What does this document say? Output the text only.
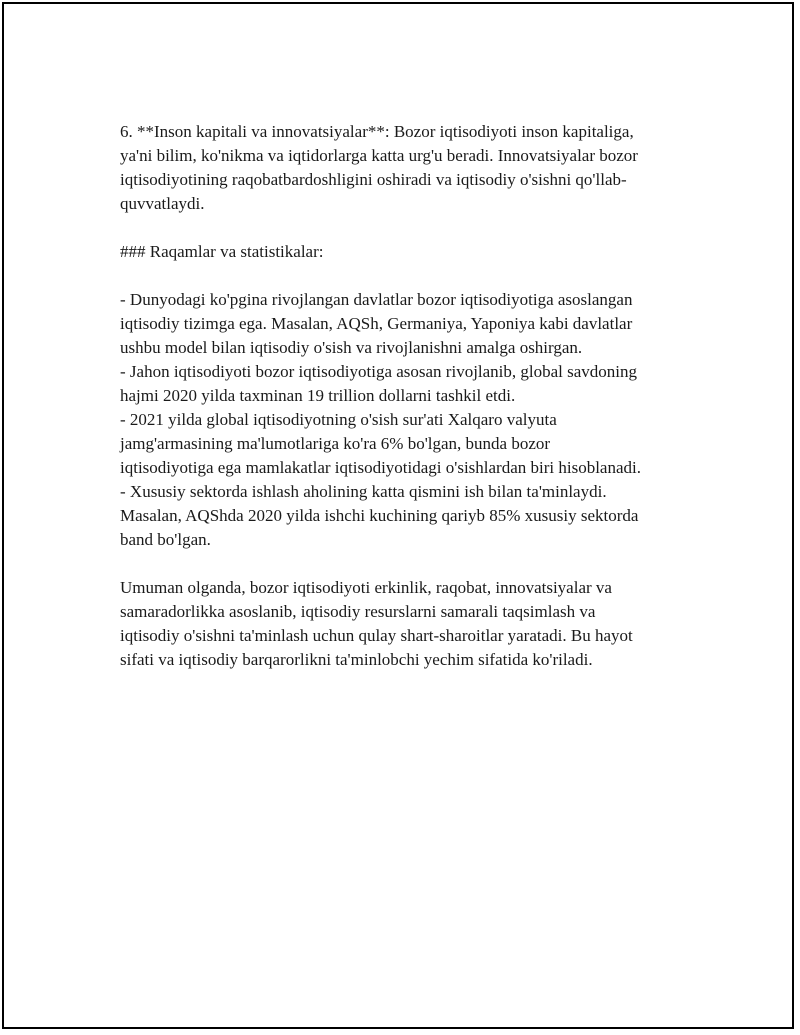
6. **Inson kapitali va innovatsiyalar**: Bozor iqtisodiyoti inson kapitaliga,
ya'ni bilim, ko'nikma va iqtidorlarga katta urg'u beradi. Innovatsiyalar bozor
iqtisodiyotining raqobatbardoshligini oshiradi va iqtisodiy o'sishni qo'llab-
quvvatlaydi.

### Raqamlar va statistikalar:

- Dunyodagi ko'pgina rivojlangan davlatlar bozor iqtisodiyotiga asoslangan
iqtisodiy tizimga ega. Masalan, AQSh, Germaniya, Yaponiya kabi davlatlar
ushbu model bilan iqtisodiy o'sish va rivojlanishni amalga oshirgan.
- Jahon iqtisodiyoti bozor iqtisodiyotiga asosan rivojlanib, global savdoning
hajmi 2020 yilda taxminan 19 trillion dollarni tashkil etdi.
- 2021 yilda global iqtisodiyotning o'sish sur'ati Xalqaro valyuta
jamg'armasining ma'lumotlariga ko'ra 6% bo'lgan, bunda bozor
iqtisodiyotiga ega mamlakatlar iqtisodiyotidagi o'sishlardan biri hisoblanadi.
- Xususiy sektorda ishlash aholining katta qismini ish bilan ta'minlaydi.
Masalan, AQShda 2020 yilda ishchi kuchining qariyb 85% xususiy sektorda
band bo'lgan.

Umuman olganda, bozor iqtisodiyoti erkinlik, raqobat, innovatsiyalar va
samaradorlikka asoslanib, iqtisodiy resurslarni samarali taqsimlash va
iqtisodiy o'sishni ta'minlash uchun qulay shart-sharoitlar yaratadi. Bu hayot
sifati va iqtisodiy barqarorlikni ta'minlobchi yechim sifatida ko'riladi.
